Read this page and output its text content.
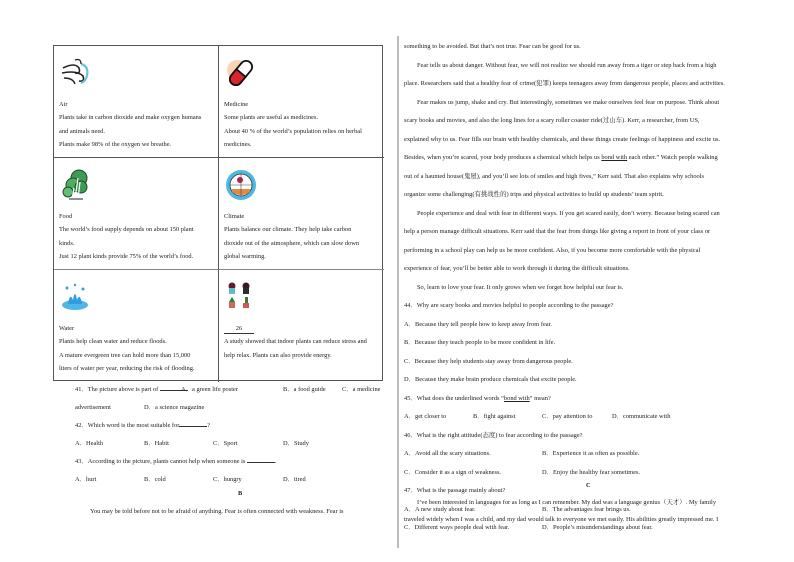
Air
Plants take in carbon dioxide and make oxygen humans
and animals need.
Plants make 98% of the oxygen we breathe.
Medicine
Some plants are useful as medicines.
About 40 % of the world’s population relies on herbal
medicines.
Food
The world’s food supply depends on about 150 plant
kinds.
Just 12 plant kinds provide 75% of the world’s food.
Climate
Plants balance our climate. They help take carbon
dioxide out of the atmosphere, which can slow down
global warming.
Water
Plants help clean water and reduce floods.
A mature evergreen tree can hold more than 15,000
liters of water per year, reducing the risk of flooding.
26
A study showed that indoor plants can reduce stress and
help relax. Plants can also provide energy.
41．The picture above is part of	A．a green life poster	B．a food guide	C．a medicine
advertisement	D．a science magazine
42．Which word is the most suitable for	?
A．Health	B．Habit	C．Sport	D．Study
43．According to the picture, plants cannot help when someone is	.
A．hurt	B．cold	C．hungry	D．tired
B
You may be told before not to be afraid of anything. Fear is often connected with weakness. Fear is
something to be avoided. But that’s not true. Fear can be good for us.
Fear tells us about danger. Without fear, we will not realize we should run away from a tiger or step back from a high
place. Researchers said that a healthy fear of crime(犯罪) keeps teenagers away from dangerous people, places and activities.
Fear makes us jump, shake and cry. But interestingly, sometimes we make ourselves feel fear on purpose. Think about
scary books and movies, and also the long lines for a scary roller coaster ride(过山车). Kerr, a researcher, from US,
explained why to us. Fear fills our brain with healthy chemicals, and these things create feelings of happiness and excite us.
Besides, when you’re scared, your body produces a chemical which helps us bond with each other.” Watch people walking
out of a haunted house(鬼屋), and you’ll see lots of smiles and high fives,” Kerr said. That also explains why schools
organize some challenging(有挑战性的) trips and physical activities to build up students’ team spirit.
People experience and deal with fear in different ways. If you get scared easily, don’t worry. Because being scared can
help a person manage difficult situations. Kerr said that the fear from things like giving a report in front of your class or
performing in a school play can help us be more confident. Also, if you become more comfortable with the physical
experience of fear, you’ll be better able to work through it during the difficult situations.
So, learn to love your fear. It only grows when we forget how helpful our fear is.
44．Why are scary books and movies helpful to people according to the passage?
A．Because they tell people how to keep away from fear.
B．Because they teach people to be more confident in life.
C．Because they help students stay away from dangerous people.
D．Because they make brain produce chemicals that excite people.
45．What does the underlined words “bond with” mean?
A．get closer to	B．fight against	C．pay attention to	D．communicate with
46．What is the right attitude(态度) to fear according to the passage?
A．Avoid all the scary situations.	B．Experience it as often as possible.
C．Consider it as a sign of weakness.	D．Enjoy the healthy fear sometimes.
47．What is the passage mainly about?
A．A new study about fear.	B．The advantages fear brings us.
C．Different ways people deal with fear.	D．People’s misunderstandings about fear.
C
I’ve been interested in languages for as long as I can remember. My dad was a language genius（天才）. My family
traveled widely when I was a child, and my dad would talk to everyone we met easily. His abilities greatly impressed me. I
